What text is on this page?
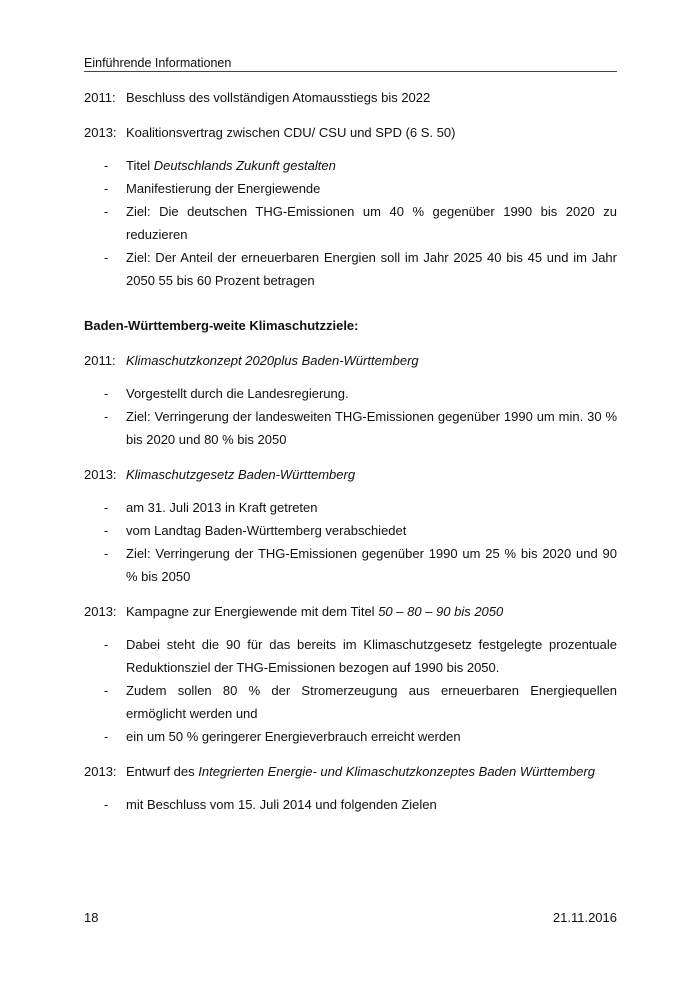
Einführende Informationen
2011: Beschluss des vollständigen Atomausstiegs bis 2022
2013: Koalitionsvertrag zwischen CDU/ CSU und SPD (6 S. 50)
-	Titel Deutschlands Zukunft gestalten
-	Manifestierung der Energiewende
-	Ziel: Die deutschen THG-Emissionen um 40 % gegenüber 1990 bis 2020 zu reduzieren
-	Ziel: Der Anteil der erneuerbaren Energien soll im Jahr 2025 40 bis 45 und im Jahr 2050 55 bis 60 Prozent betragen
Baden-Württemberg-weite Klimaschutzziele:
2011: Klimaschutzkonzept 2020plus Baden-Württemberg
-	Vorgestellt durch die Landesregierung.
-	Ziel: Verringerung der landesweiten THG-Emissionen gegenüber 1990 um min. 30 % bis 2020 und 80 % bis 2050
2013: Klimaschutzgesetz Baden-Württemberg
-	am 31. Juli 2013 in Kraft getreten
-	vom Landtag Baden-Württemberg verabschiedet
-	Ziel: Verringerung der THG-Emissionen gegenüber 1990 um 25 % bis 2020 und 90 % bis 2050
2013: Kampagne zur Energiewende mit dem Titel 50 – 80 – 90 bis 2050
-	Dabei steht die 90 für das bereits im Klimaschutzgesetz festgelegte prozentuale Reduktionsziel der THG-Emissionen bezogen auf 1990 bis 2050.
-	Zudem sollen 80 % der Stromerzeugung aus erneuerbaren Energiequellen ermöglicht werden und
-	ein um 50 % geringerer Energieverbrauch erreicht werden
2013: Entwurf des Integrierten Energie- und Klimaschutzkonzeptes Baden Württemberg
-	mit Beschluss vom 15. Juli 2014 und folgenden Zielen
18	21.11.2016
